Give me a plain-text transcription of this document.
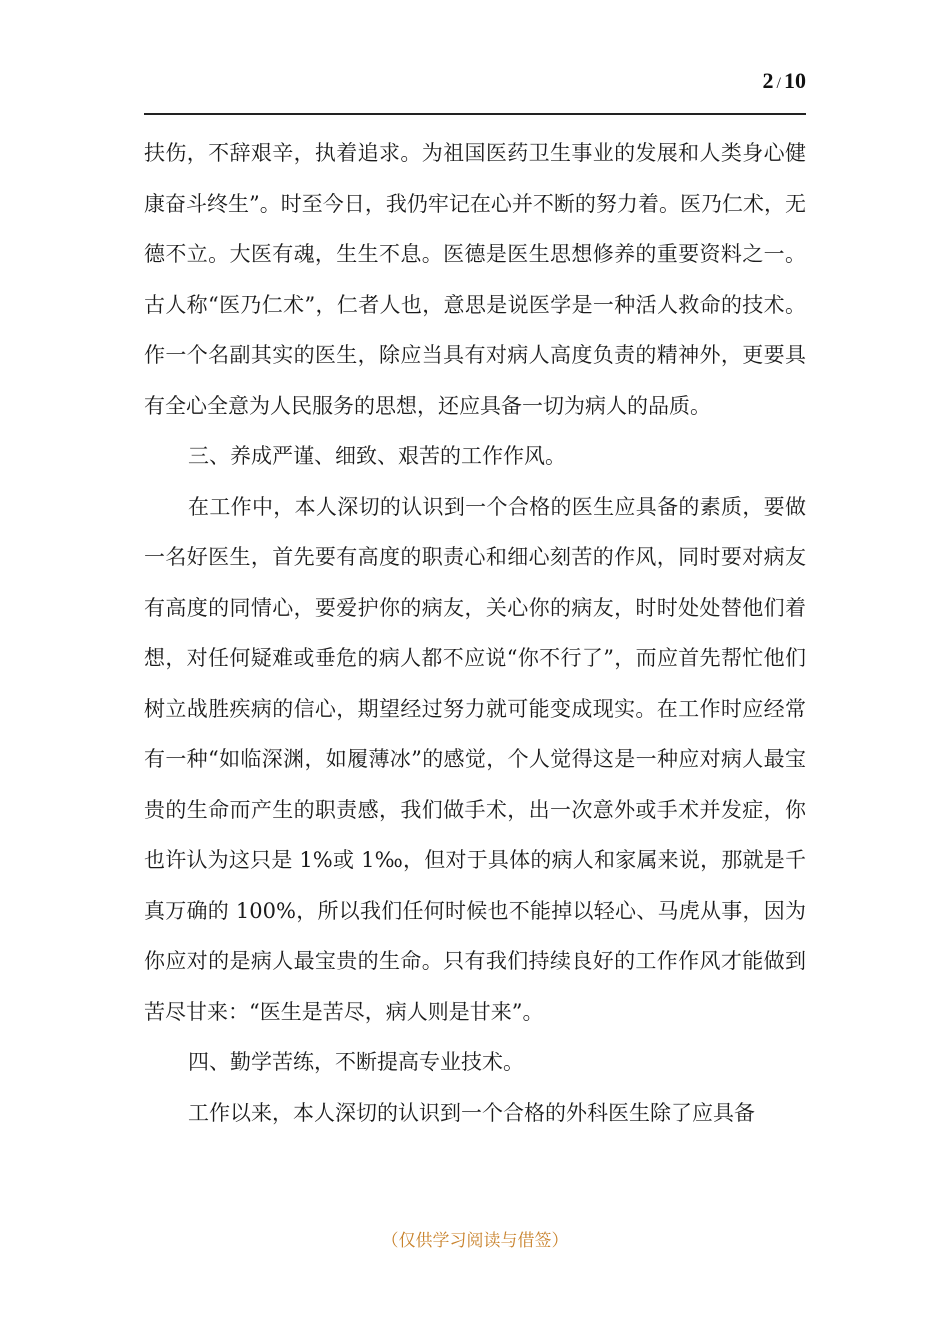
2 / 10

扶伤，不辞艰辛，执着追求。为祖国医药卫生事业的发展和人类身心健康奋斗终生”。时至今日，我仍牢记在心并不断的努力着。医乃仁术，无德不立。大医有魂，生生不息。医德是医生思想修养的重要资料之一。古人称“医乃仁术”，仁者人也，意思是说医学是一种活人救命的技术。作一个名副其实的医生，除应当具有对病人高度负责的精神外，更要具有全心全意为人民服务的思想，还应具备一切为病人的品质。

三、养成严谨、细致、艰苦的工作作风。

在工作中，本人深切的认识到一个合格的医生应具备的素质，要做一名好医生，首先要有高度的职责心和细心刻苦的作风，同时要对病友有高度的同情心，要爱护你的病友，关心你的病友，时时处处替他们着想，对任何疑难或垂危的病人都不应说“你不行了”，而应首先帮忙他们树立战胜疾病的信心，期望经过努力就可能变成现实。在工作时应经常有一种“如临深渊，如履薄冰”的感觉，个人觉得这是一种应对病人最宝贵的生命而产生的职责感，我们做手术，出一次意外或手术并发症，你也许认为这只是 1%或 1‰，但对于具体的病人和家属来说，那就是千真万确的 100%，所以我们任何时候也不能掉以轻心、马虎从事，因为你应对的是病人最宝贵的生命。只有我们持续良好的工作作风才能做到苦尽甘来：“医生是苦尽，病人则是甘来”。

四、勤学苦练，不断提高专业技术。

工作以来，本人深切的认识到一个合格的外科医生除了应具备

（仅供学习阅读与借签）
